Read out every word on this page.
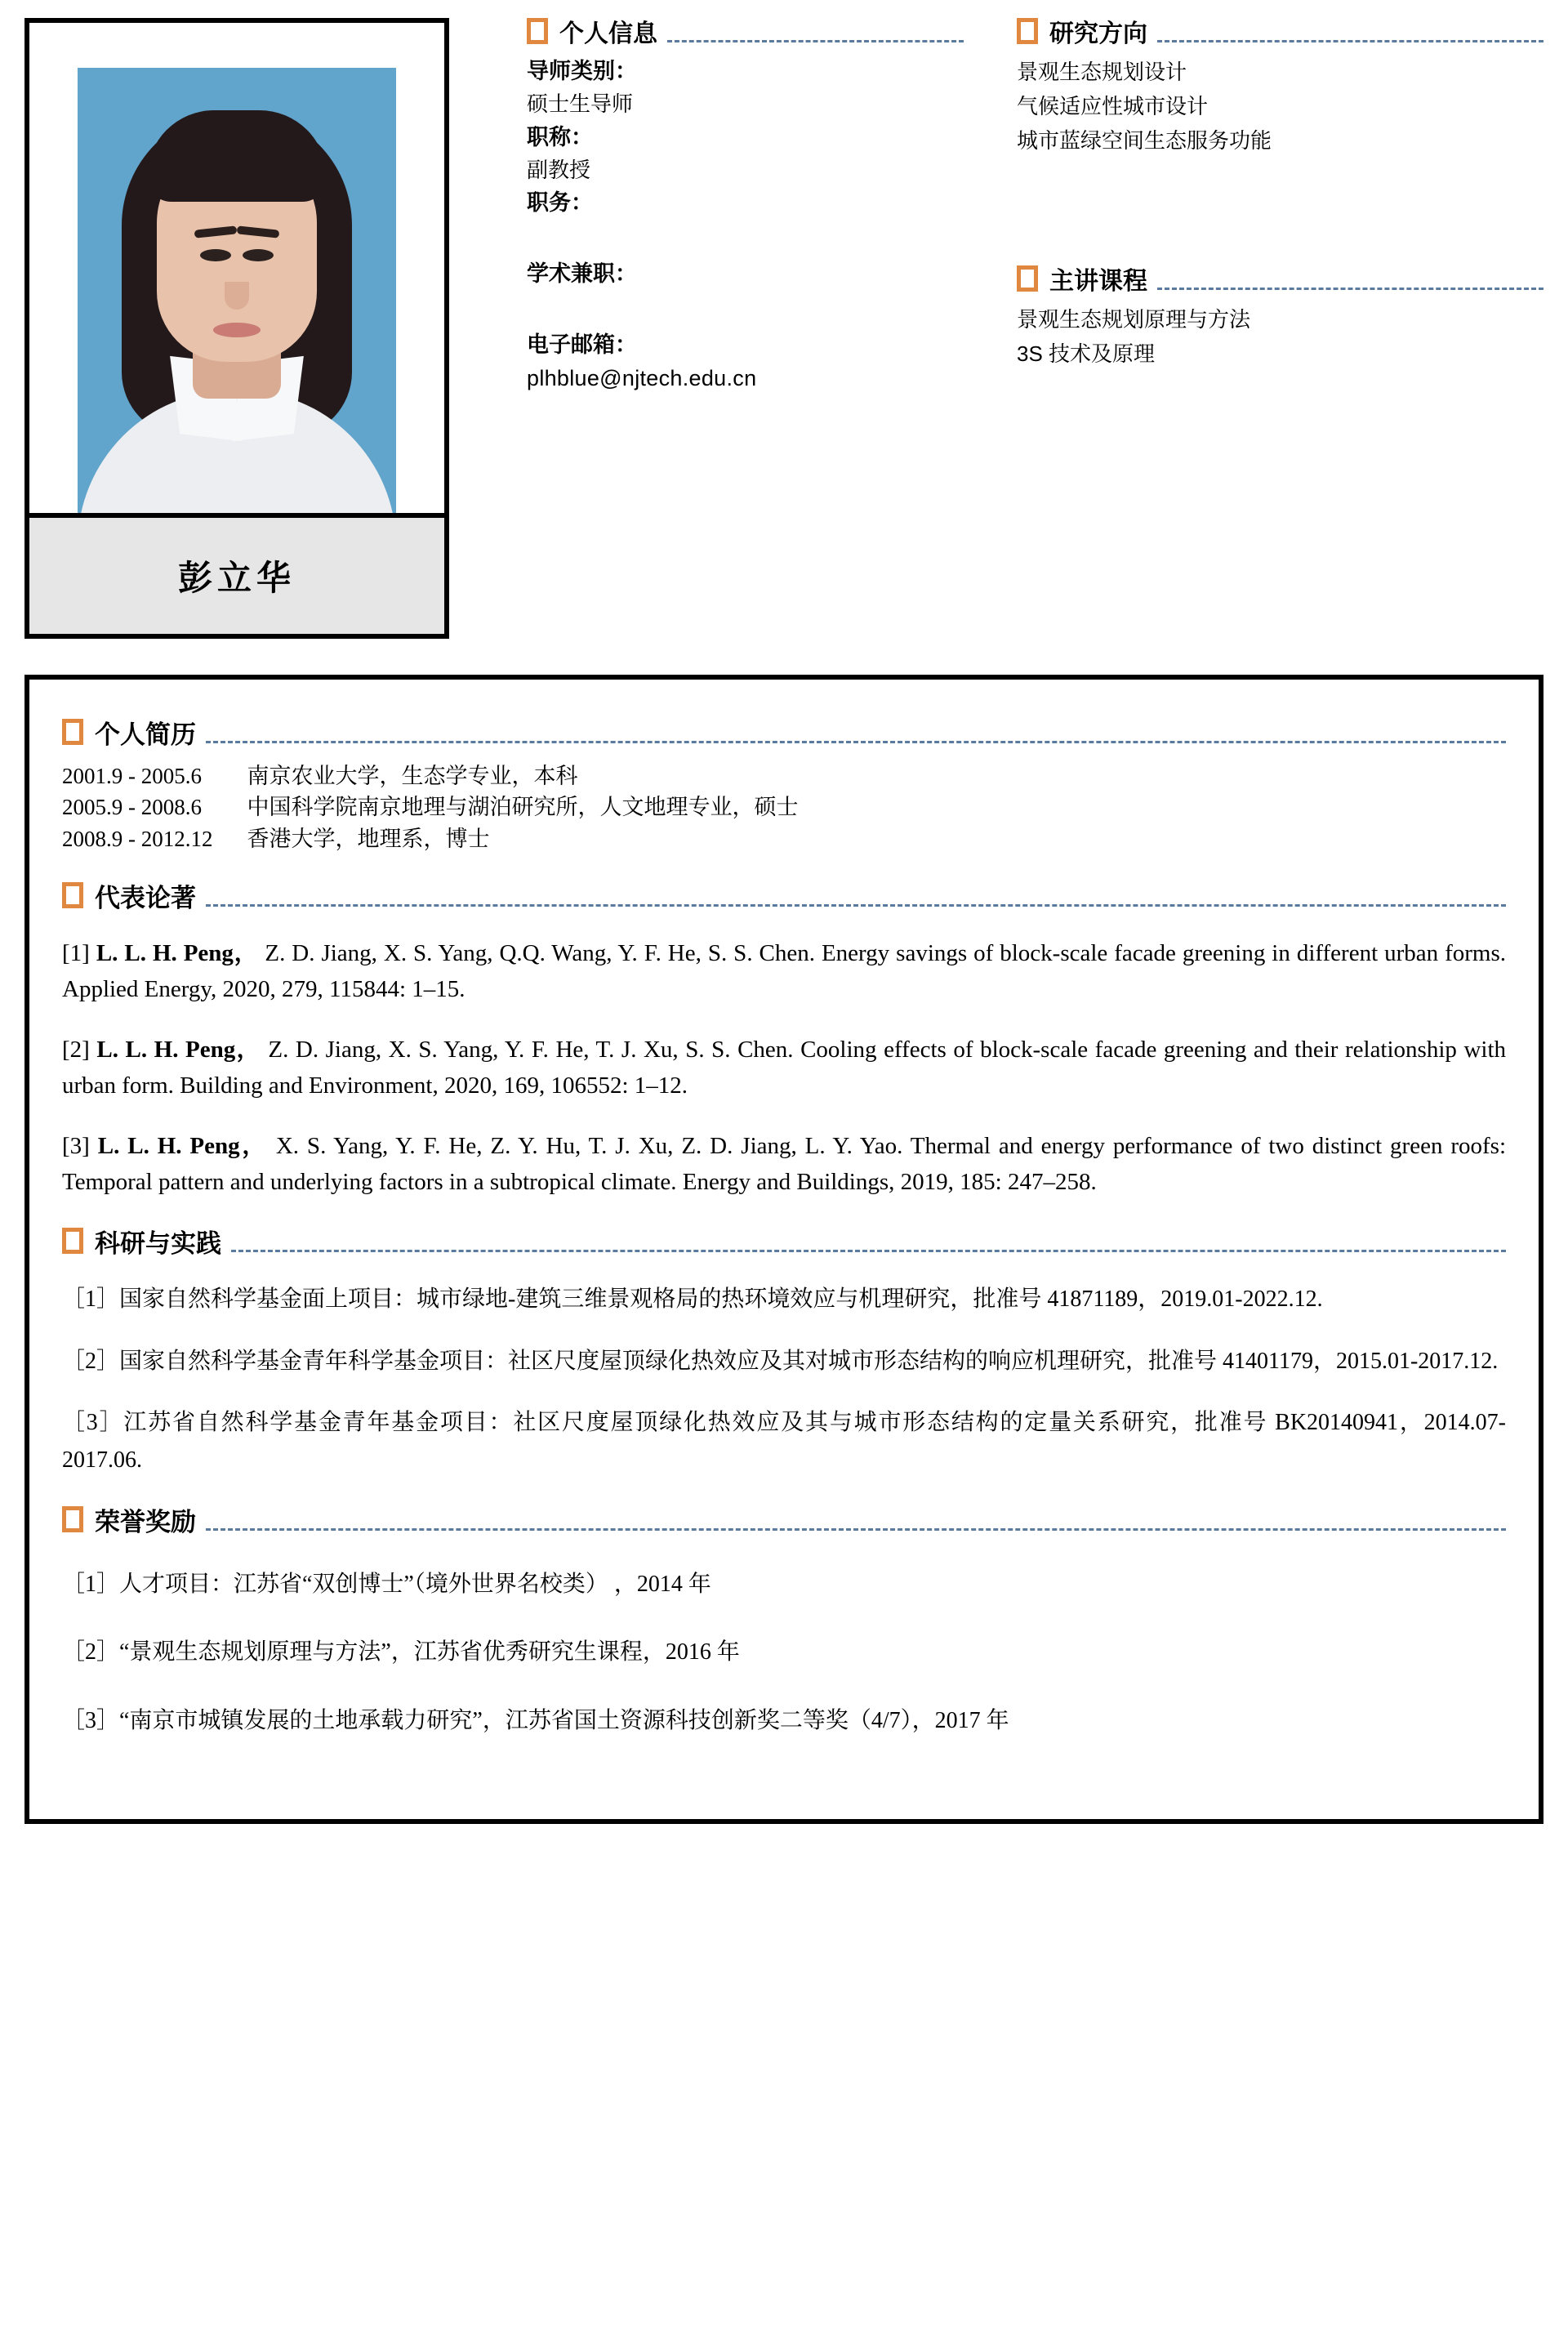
彭立华
个人信息
导师类别：
硕士生导师
职称：
副教授
职务：
学术兼职：
电子邮箱：
plhblue@njtech.edu.cn
研究方向
景观生态规划设计
气候适应性城市设计
城市蓝绿空间生态服务功能
主讲课程
景观生态规划原理与方法
3S 技术及原理
个人简历
2001.9 - 2005.6	南京农业大学，生态学专业，本科
2005.9 - 2008.6	中国科学院南京地理与湖泊研究所，人文地理专业，硕士
2008.9 - 2012.12	香港大学，地理系，博士
代表论著

[1] L. L. H. Peng， Z. D. Jiang, X. S. Yang, Q.Q. Wang, Y. F. He, S. S. Chen. Energy savings of block-scale facade greening in different urban forms. Applied Energy, 2020, 279, 115844: 1–15.

[2] L. L. H. Peng， Z. D. Jiang, X. S. Yang, Y. F. He, T. J. Xu, S. S. Chen. Cooling effects of block-scale facade greening and their relationship with urban form. Building and Environment, 2020, 169, 106552: 1–12.

[3] L. L. H. Peng， X. S. Yang, Y. F. He, Z. Y. Hu, T. J. Xu, Z. D. Jiang, L. Y. Yao. Thermal and energy performance of two distinct green roofs: Temporal pattern and underlying factors in a subtropical climate. Energy and Buildings, 2019, 185: 247–258.

科研与实践

［1］国家自然科学基金面上项目：城市绿地-建筑三维景观格局的热环境效应与机理研究，批准号 41871189，2019.01-2022.12.

［2］国家自然科学基金青年科学基金项目：社区尺度屋顶绿化热效应及其对城市形态结构的响应机理研究，批准号 41401179，2015.01-2017.12.

［3］江苏省自然科学基金青年基金项目：社区尺度屋顶绿化热效应及其与城市形态结构的定量关系研究，批准号 BK20140941，2014.07-2017.06.

荣誉奖励

［1］人才项目：江苏省“双创博士”（境外世界名校类） ，2014 年

［2］“景观生态规划原理与方法”，江苏省优秀研究生课程，2016 年

［3］“南京市城镇发展的土地承载力研究”，江苏省国土资源科技创新奖二等奖（4/7），2017 年
